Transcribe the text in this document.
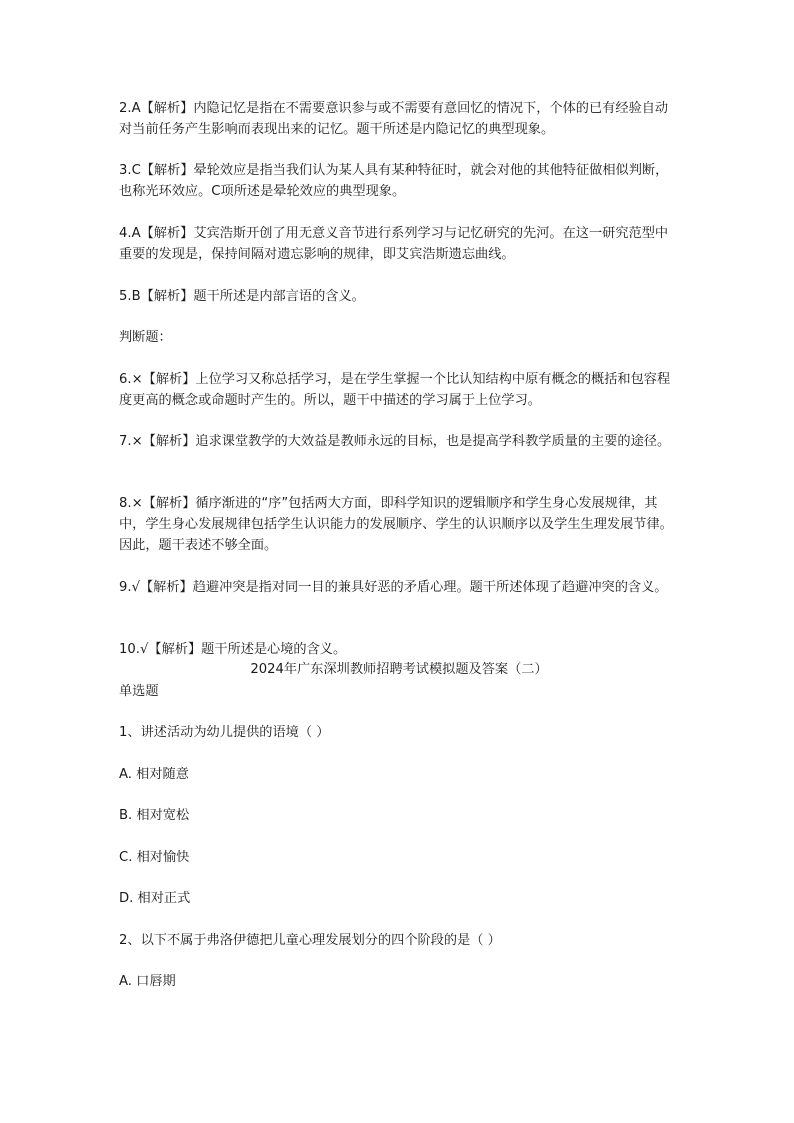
2.A【解析】内隐记忆是指在不需要意识参与或不需要有意回忆的情况下，个体的已有经验自动对当前任务产生影响而表现出来的记忆。题干所述是内隐记忆的典型现象。

3.C【解析】晕轮效应是指当我们认为某人具有某种特征时，就会对他的其他特征做相似判断，也称光环效应。C项所述是晕轮效应的典型现象。

4.A【解析】艾宾浩斯开创了用无意义音节进行系列学习与记忆研究的先河。在这一研究范型中重要的发现是，保持间隔对遗忘影响的规律，即艾宾浩斯遗忘曲线。

5.B【解析】题干所述是内部言语的含义。

判断题：

6.×【解析】上位学习又称总括学习，是在学生掌握一个比认知结构中原有概念的概括和包容程度更高的概念或命题时产生的。所以，题干中描述的学习属于上位学习。

7.×【解析】追求课堂教学的大效益是教师永远的目标，也是提高学科教学质量的主要的途径。

8.×【解析】循序渐进的“序”包括两大方面，即科学知识的逻辑顺序和学生身心发展规律，其中，学生身心发展规律包括学生认识能力的发展顺序、学生的认识顺序以及学生生理发展节律。因此，题干表述不够全面。

9.√【解析】趋避冲突是指对同一目的兼具好恶的矛盾心理。题干所述体现了趋避冲突的含义。

10.√【解析】题干所述是心境的含义。

2024年广东深圳教师招聘考试模拟题及答案（二）

单选题

1、讲述活动为幼儿提供的语境（ ）

A. 相对随意

B. 相对宽松

C. 相对愉快

D. 相对正式

2、以下不属于弗洛伊德把儿童心理发展划分的四个阶段的是（ ）

A. 口唇期
